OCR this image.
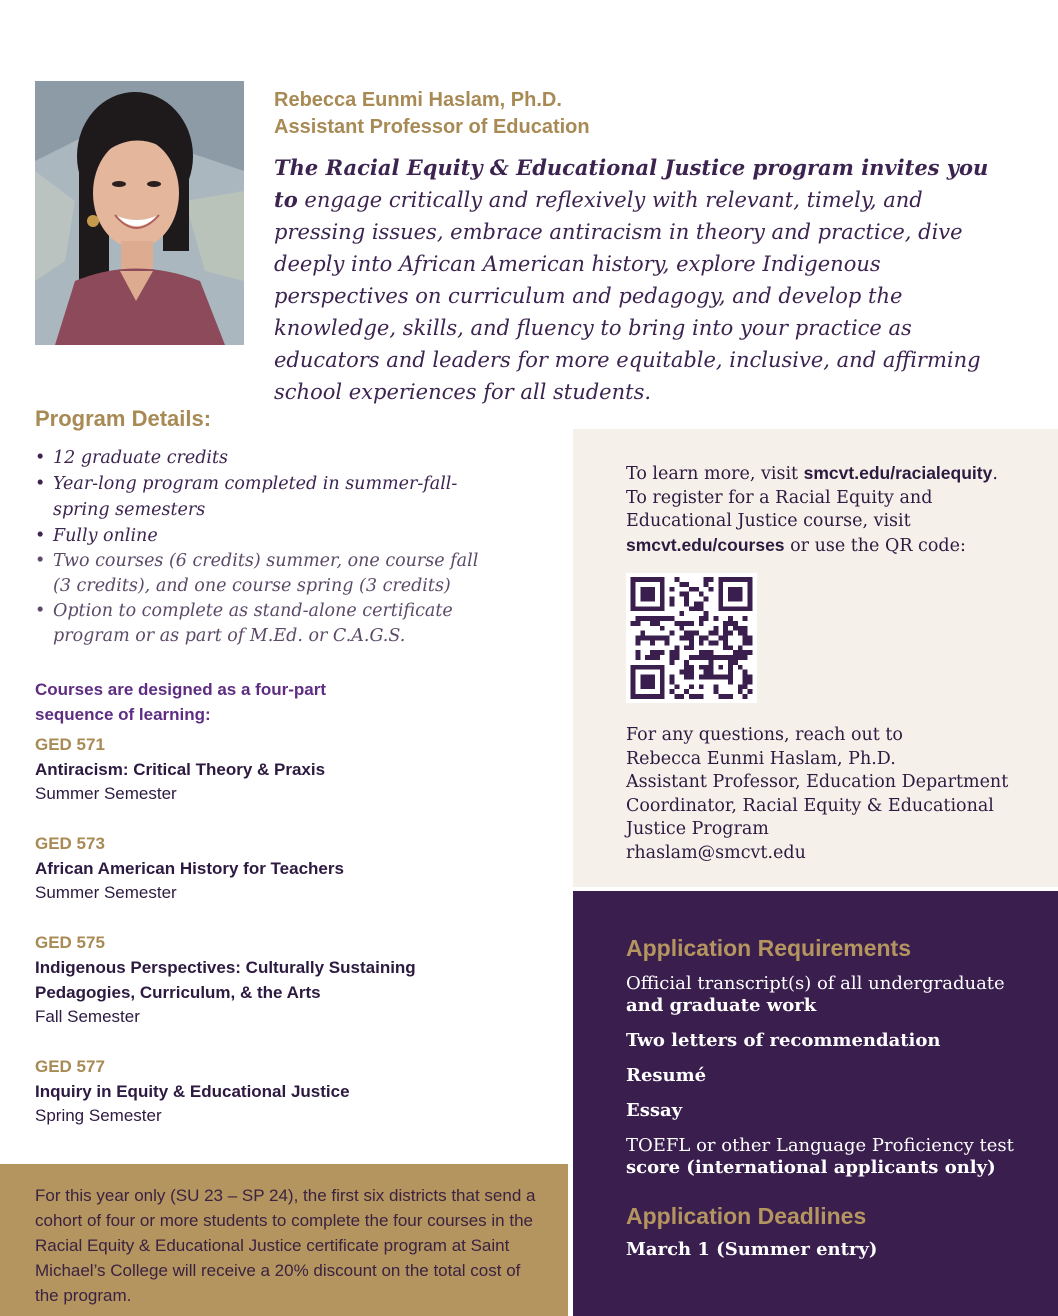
Rebecca Eunmi Haslam, Ph.D.
Assistant Professor of Education
The Racial Equity & Educational Justice program invites you to engage critically and reflexively with relevant, timely, and pressing issues, embrace antiracism in theory and practice, dive deeply into African American history, explore Indigenous perspectives on curriculum and pedagogy, and develop the knowledge, skills, and fluency to bring into your practice as educators and leaders for more equitable, inclusive, and affirming school experiences for all students.
Program Details:
• 12 graduate credits
• Year-long program completed in summer-fall-spring semesters
• Fully online
• Two courses (6 credits) summer, one course fall (3 credits), and one course spring (3 credits)
• Option to complete as stand-alone certificate program or as part of M.Ed. or C.A.G.S.
Courses are designed as a four-part sequence of learning:
GED 571
Antiracism: Critical Theory & Praxis
Summer Semester
GED 573
African American History for Teachers
Summer Semester
GED 575
Indigenous Perspectives: Culturally Sustaining Pedagogies, Curriculum, & the Arts
Fall Semester
GED 577
Inquiry in Equity & Educational Justice
Spring Semester
For this year only (SU 23 – SP 24), the first six districts that send a cohort of four or more students to complete the four courses in the Racial Equity & Educational Justice certificate program at Saint Michael’s College will receive a 20% discount on the total cost of the program.
To learn more, visit smcvt.edu/racialequity.
To register for a Racial Equity and Educational Justice course, visit smcvt.edu/courses or use the QR code:
For any questions, reach out to
Rebecca Eunmi Haslam, Ph.D.
Assistant Professor, Education Department Coordinator, Racial Equity & Educational Justice Program
rhaslam@smcvt.edu
Application Requirements
Official transcript(s) of all undergraduate
and graduate work
Two letters of recommendation
Resumé
Essay
TOEFL or other Language Proficiency test
score (international applicants only)
Application Deadlines
March 1 (Summer entry)
